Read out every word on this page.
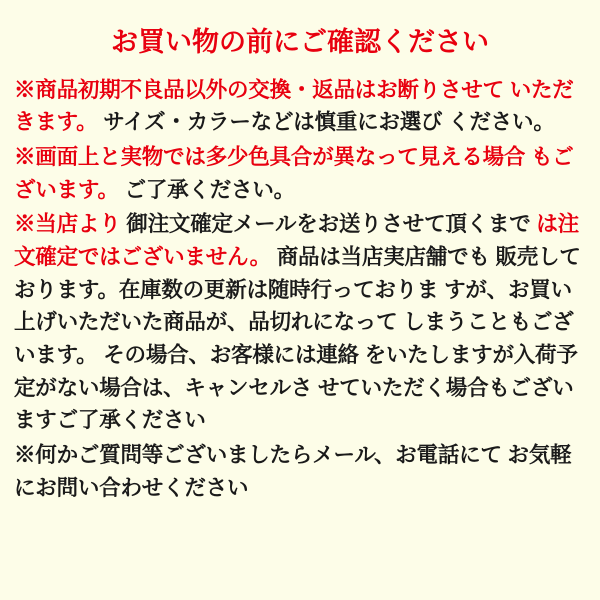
お買い物の前にご確認ください
※商品初期不良品以外の交換・返品はお断りさせて いただきます。 サイズ・カラーなどは慎重にお選び ください。
※画面上と実物では多少色具合が異なって見える場合 もございます。 ご了承ください。
※当店より 御注文確定メールをお送りさせて頂くまで は注文確定ではございません。 商品は当店実店舗でも 販売しております。在庫数の更新は随時行っておりま すが、お買い上げいただいた商品が、品切れになって しまうこともございます。 その場合、お客様には連絡 をいたしますが入荷予定がない場合は、キャンセルさ せていただく場合もございますご了承ください
※何かご質問等ございましたらメール、お電話にて お気軽にお問い合わせください
